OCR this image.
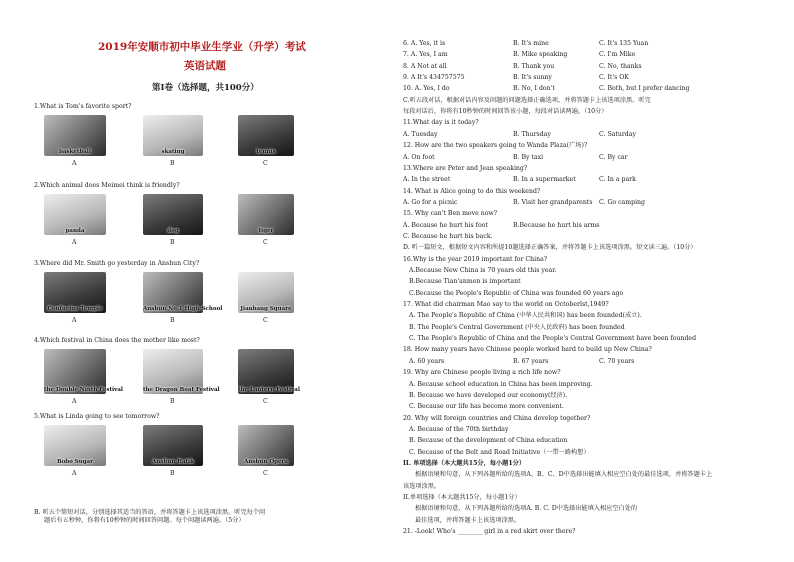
2019年安顺市初中毕业生学业（升学）考试
英语试题
第Ⅰ卷（选择题，共100分）
1.What is Tom's favorite sport?
basketball
A
skating
B
tennis
C
2.Which animal does Meimei think is friendly?
panda
A
dog
B
tiger
C
3.Where did Mr. Smith go yesterday in Anshun City?
Confucius Temple
A
Anshun No.1 High School
B
Jianbang Square
C
4.Which festival in China does the mother like most?
the Double Ninth Festival
A
the Dragon Boat Festival
B
the Lantern Festival
C
5.What is Linda going to see tomorrow?
Bobo Sugar
A
Anshun Batik
B
Anshun Opera
C
B. 听五个简短对话，分别选择其适当的答语，并将答题卡上该选项涂黑。听完每个问
题后有五秒钟，你将有10秒钟的时间回答问题。每个问题读两遍。（5分）
6. A. Yes, it is	B. It's mine	C. It's 135 Yuan
7. A. Yes, I am	B. Mike speaking	C. I'm Mike
8. A Not at all	B. Thank you	C. No, thanks
9. A It's 434757575	B. It's sunny	C. It's OK
10. A. Yes, I do	B. No, I don't	C. Both, but I prefer dancing
C.听五段对话，根据对话内容及问题的问题选择正确选项，并将答题卡上该选项涂黑。听完
每段对话后，你将有10秒钟的时间回答该小题，每段对话读两遍。（10分）
11.What day is it today?
A. Tuesday	B. Thursday	C. Saturday
12. How are the two speakers going to Wanda Plaza(广场)?
A. On foot	B. By taxi	C. By car
13.Where are Peter and Jean speaking?
A. In the street	B. In a supermarket	C. In a park
14. What is Alice going to do this weekend?
A. Go for a picnic	B. Visit her grandparents C. Go camping
15. Why can't Ben move now?
A. Because he hurt his foot	B.Because he hurt his arms
C. Because he hurt his back.
D. 听一篇短文，根据短文内容和所提10题选择正确答案，并将答题卡上该选项涂黑。短文读三遍。（10分）
16.Why is the year 2019 important for China?
A.Because New China is 70 years old this year.
B.Because Tian'anmen is important
C.Because the People's Republic of China was founded 60 years ago
17. What did chairman Mao say to the world on Octoberlst,1949?
A. The People's Republic of China (中华人民共和国) has been founded(成立).
B. The People's Central Government (中央人民政府) has been founded
C. The People's Republic of China and the People's Central Government have been founded
18. How many years have Chinese people worked hard to build up New China?
A. 60 years	B. 67 years	C. 70 years
19. Why are Chinese people living a rich life now?
A. Because school education in China has been improving.
B. Because we have developed our economy(经济).
C. Because our life has become more convenient.
20. Why will foreign countries and China develop together?
A. Because of the 70th birthday
B. Because of the development of China education
C. Because of the Belt and Road Initiative（一带一路构想）
II. 单项选择（本大题共15分，每小题1分）
根据语境和句意，从下列各题所给的选项A、B、C、D中选择出能填入相应空白处的最佳选项，并将答题卡上
该选项涂黑。
II.单项选择（本大题共15分，每小题1分）
根据语境和句意，从下列各题所给的选项A. B. C. D中选择出能填入相应空白处的
最佳选项，并将答题卡上该选项涂黑。
21. -Look! Who's ________ girl in a red skirt over there?
